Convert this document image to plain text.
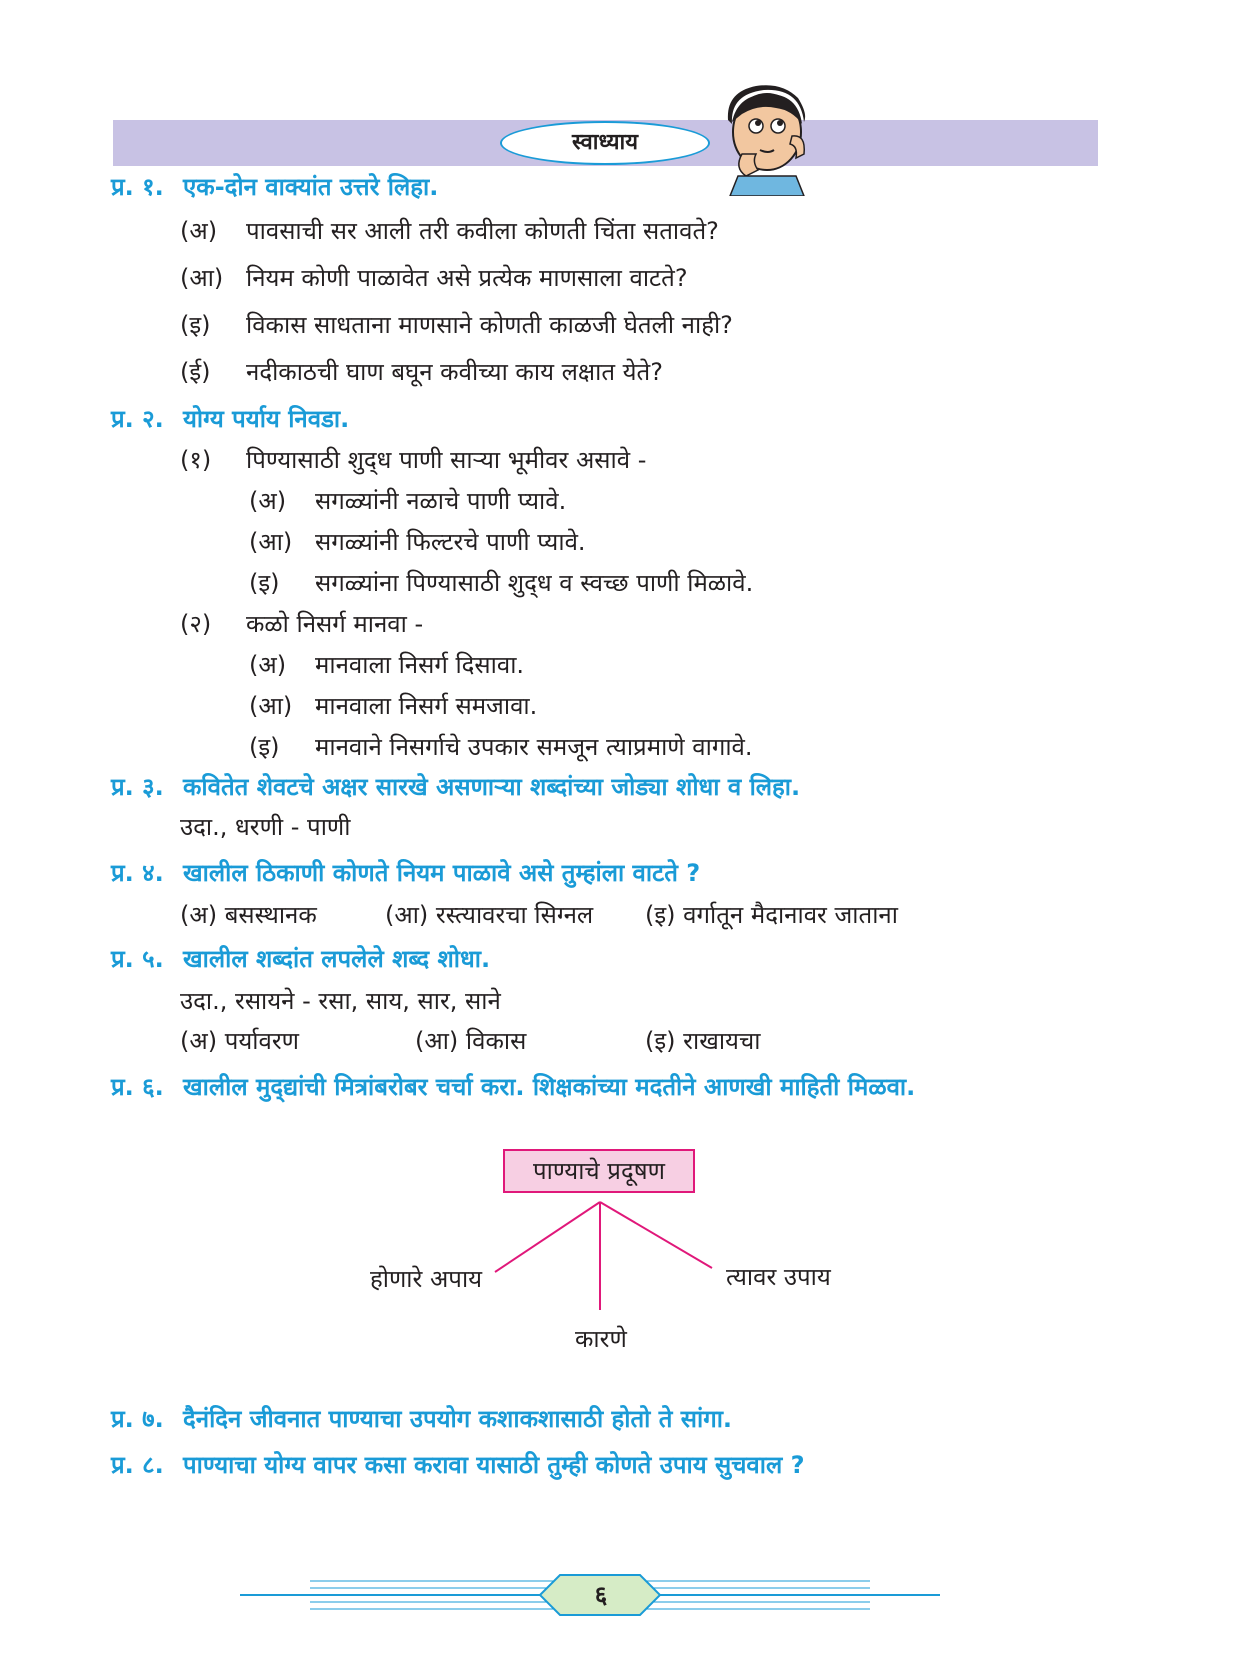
स्वाध्याय
प्र. १. एक-दोन वाक्यांत उत्तरे लिहा.
(अ) पावसाची सर आली तरी कवीला कोणती चिंता सतावते?
(आ) नियम कोणी पाळावेत असे प्रत्येक माणसाला वाटते?
(इ) विकास साधताना माणसाने कोणती काळजी घेतली नाही?
(ई) नदीकाठची घाण बघून कवीच्या काय लक्षात येते?
प्र. २. योग्य पर्याय निवडा.
(१) पिण्यासाठी शुद्‌ध पाणी साऱ्या भूमीवर असावे -
(अ) सगळ्यांनी नळाचे पाणी प्यावे.
(आ) सगळ्यांनी फिल्टरचे पाणी प्यावे.
(इ) सगळ्यांना पिण्यासाठी शुद्‌ध व स्वच्छ पाणी मिळावे.
(२) कळो निसर्ग मानवा -
(अ) मानवाला निसर्ग दिसावा.
(आ) मानवाला निसर्ग समजावा.
(इ) मानवाने निसर्गाचे उपकार समजून त्याप्रमाणे वागावे.
प्र. ३. कवितेत शेवटचे अक्षर सारखे असणाऱ्या शब्दांच्या जोड्या शोधा व लिहा.
उदा., धरणी - पाणी
प्र. ४. खालील ठिकाणी कोणते नियम पाळावे असे तुम्हांला वाटते ?
(अ) बसस्थानक	(आ) रस्त्यावरचा सिग्नल (इ) वर्गातून मैदानावर जाताना
प्र. ५. खालील शब्दांत लपलेले शब्द शोधा.
उदा., रसायने - रसा, साय, सार, साने
(अ) पर्यावरण	(आ) विकास	(इ) राखायचा
प्र. ६. खालील मुद्‌द्यांची मित्रांबरोबर चर्चा करा. शिक्षकांच्या मदतीने आणखी माहिती मिळवा.
पाण्याचे प्रदूषण
होणारे अपाय
कारणे
त्यावर उपाय
प्र. ७. दैनंदिन जीवनात पाण्याचा उपयोग कशाकशासाठी होतो ते सांगा.
प्र. ८. पाण्याचा योग्य वापर कसा करावा यासाठी तुम्ही कोणते उपाय सुचवाल ?
६
